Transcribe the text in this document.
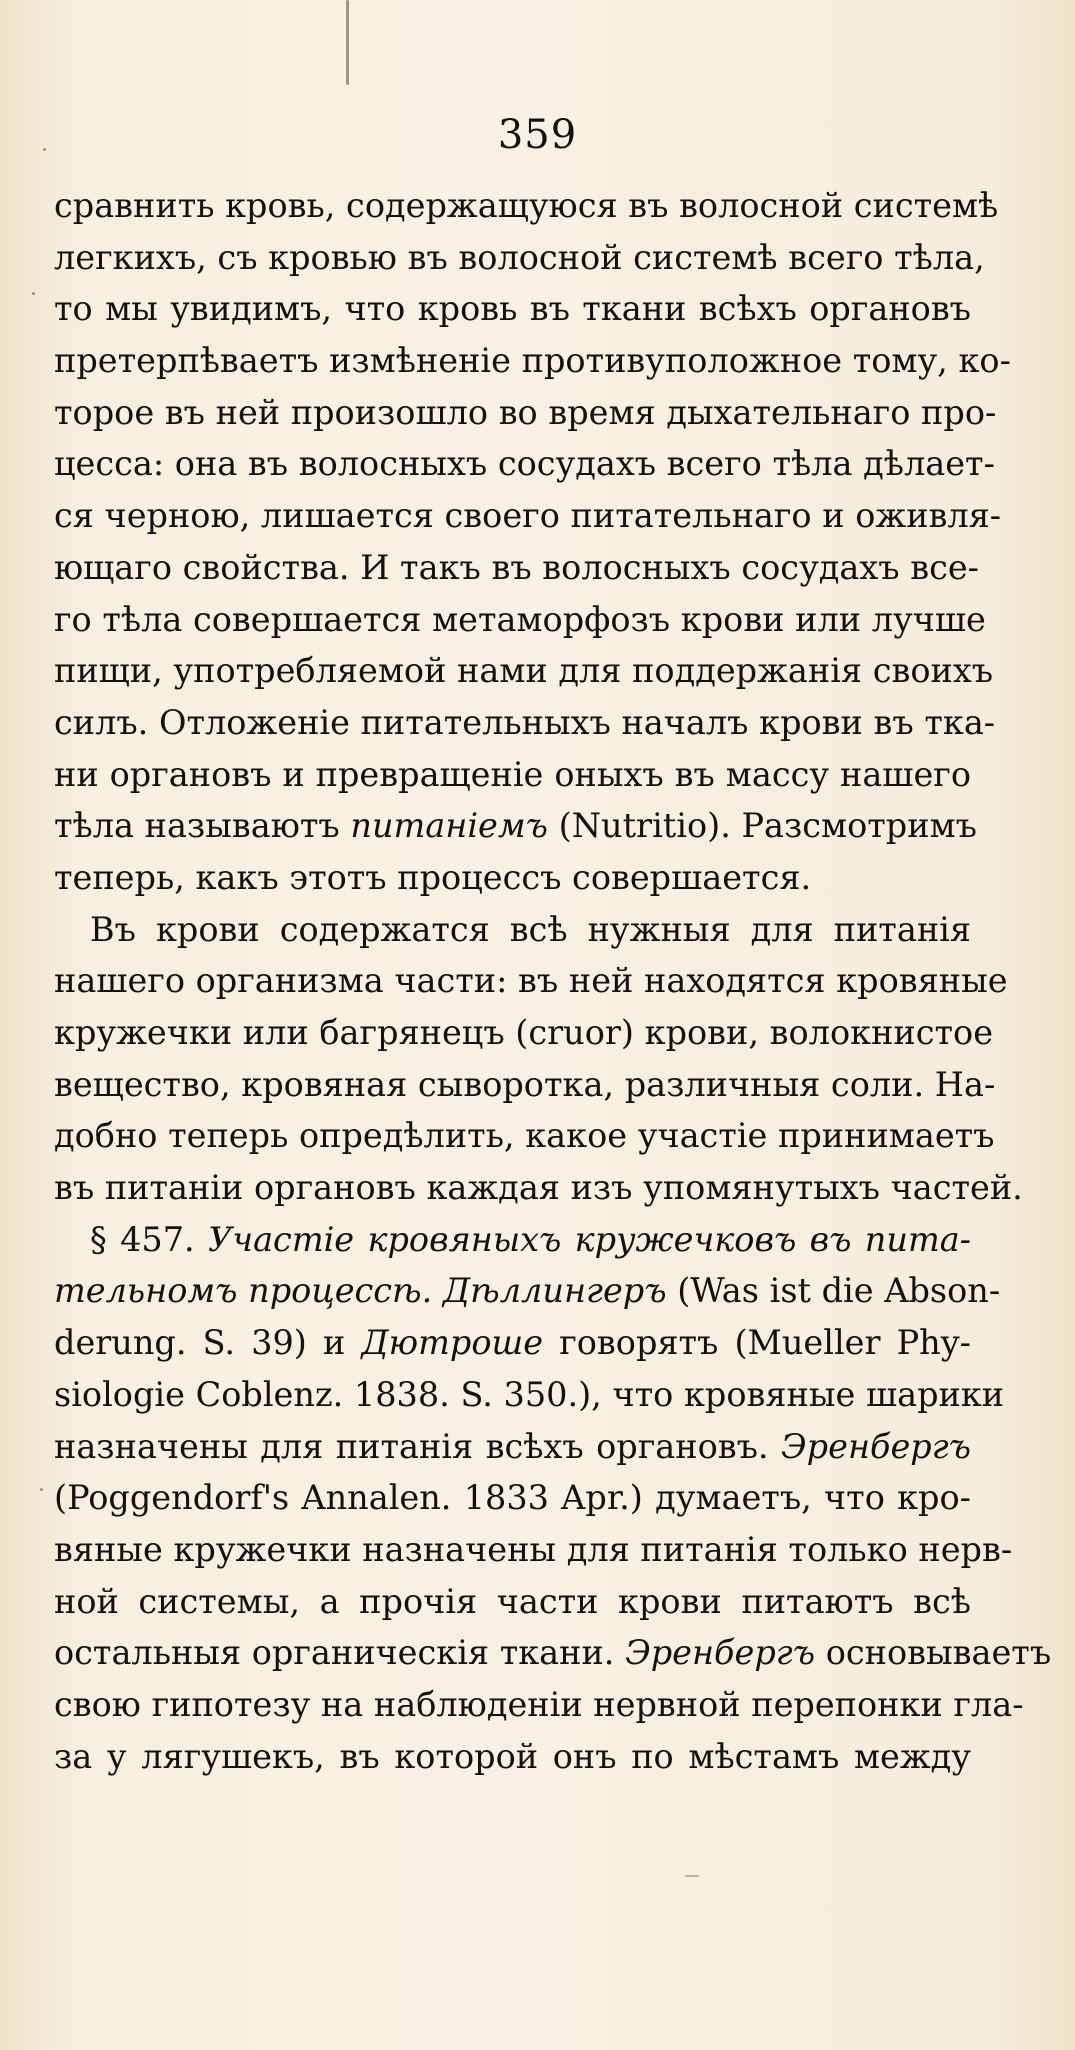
359
сравнить кровь, содержащуюся въ волосной системѣ
легкихъ, съ кровью въ волосной системѣ всего тѣла,
то мы увидимъ, что кровь въ ткани всѣхъ органовъ
претерпѣваетъ измѣненіе противуположное тому, ко-
торое въ ней произошло во время дыхательнаго про-
цесса: она въ волосныхъ сосудахъ всего тѣла дѣлает-
ся черною, лишается своего питательнаго и оживля-
ющаго свойства. И такъ въ волосныхъ сосудахъ все-
го тѣла совершается метаморфозъ крови или лучше
пищи, употребляемой нами для поддержанія своихъ
силъ. Отложеніе питательныхъ началъ крови въ тка-
ни органовъ и превращеніе оныхъ въ массу нашего
тѣла называютъ питаніемъ (Nutritio). Разсмотримъ
теперь, какъ этотъ процессъ совершается.
Въ крови содержатся всѣ нужныя для питанія
нашего организма части: въ ней находятся кровяные
кружечки или багрянецъ (cruor) крови, волокнистое
вещество, кровяная сыворотка, различныя соли. На-
добно теперь опредѣлить, какое участіе принимаетъ
въ питаніи органовъ каждая изъ упомянутыхъ частей.
§ 457. Участіе кровяныхъ кружечковъ въ пита-
тельномъ процессѣ. Дѣллингеръ (Was ist die Abson-
derung. S. 39) и Дютроше говорятъ (Mueller Phy-
siologie Coblenz. 1838. S. 350.), что кровяные шарики
назначены для питанія всѣхъ органовъ. Эренбергъ
(Poggendorf's Annalen. 1833 Apr.) думаетъ, что кро-
вяные кружечки назначены для питанія только нерв-
ной системы, а прочія части крови питаютъ всѣ
остальныя органическія ткани. Эренбергъ основываетъ
свою гипотезу на наблюденіи нервной перепонки гла-
за у лягушекъ, въ которой онъ по мѣстамъ между
